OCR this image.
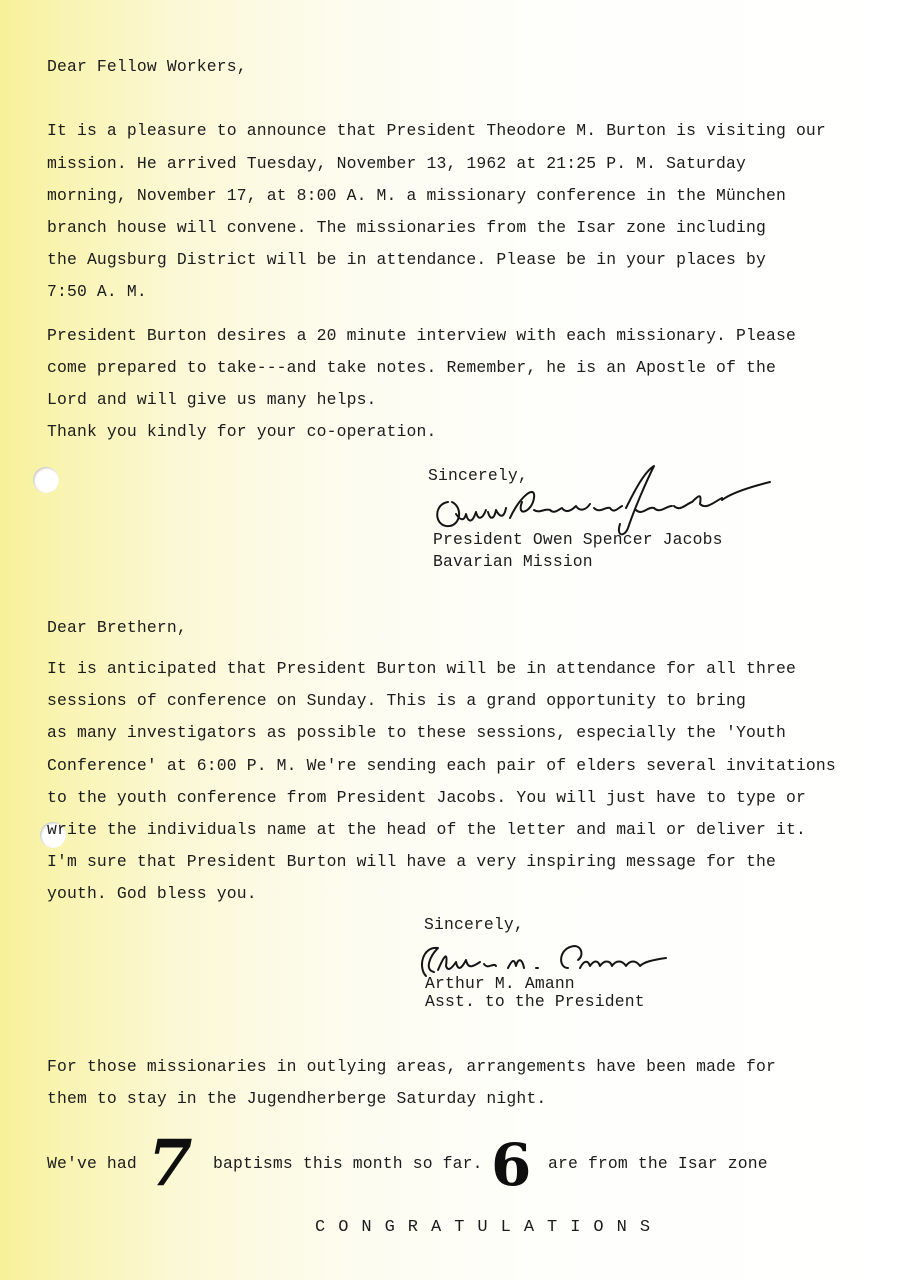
Dear Fellow Workers,
It is a pleasure to announce that President Theodore M. Burton is visiting our
mission. He arrived Tuesday, November 13, 1962 at 21:25 P. M. Saturday
morning, November 17, at 8:00 A. M. a missionary conference in the München
branch house will convene. The missionaries from the Isar zone including
the Augsburg District will be in attendance. Please be in your places by
7:50 A. M.
President Burton desires a 20 minute interview with each missionary. Please
come prepared to take---and take notes. Remember, he is an Apostle of the
Lord and will give us many helps.
Thank you kindly for your co-operation.
Sincerely,
President Owen Spencer Jacobs
Bavarian Mission
Dear Brethern,
It is anticipated that President Burton will be in attendance for all three
sessions of conference on Sunday. This is a grand opportunity to bring
as many investigators as possible to these sessions, especially the 'Youth
Conference' at 6:00 P. M. We're sending each pair of elders several invitations
to the youth conference from President Jacobs. You will just have to type or
write the individuals name at the head of the letter and mail or deliver it.
I'm sure that President Burton will have a very inspiring message for the
youth. God bless you.
Sincerely,
Arthur M. Amann
Asst. to the President
For those missionaries in outlying areas, arrangements have been made for
them to stay in the Jugendherberge Saturday night.
We've had 7 baptisms this month so far. 6 are from the Isar zone
CONGRATULATIONS
